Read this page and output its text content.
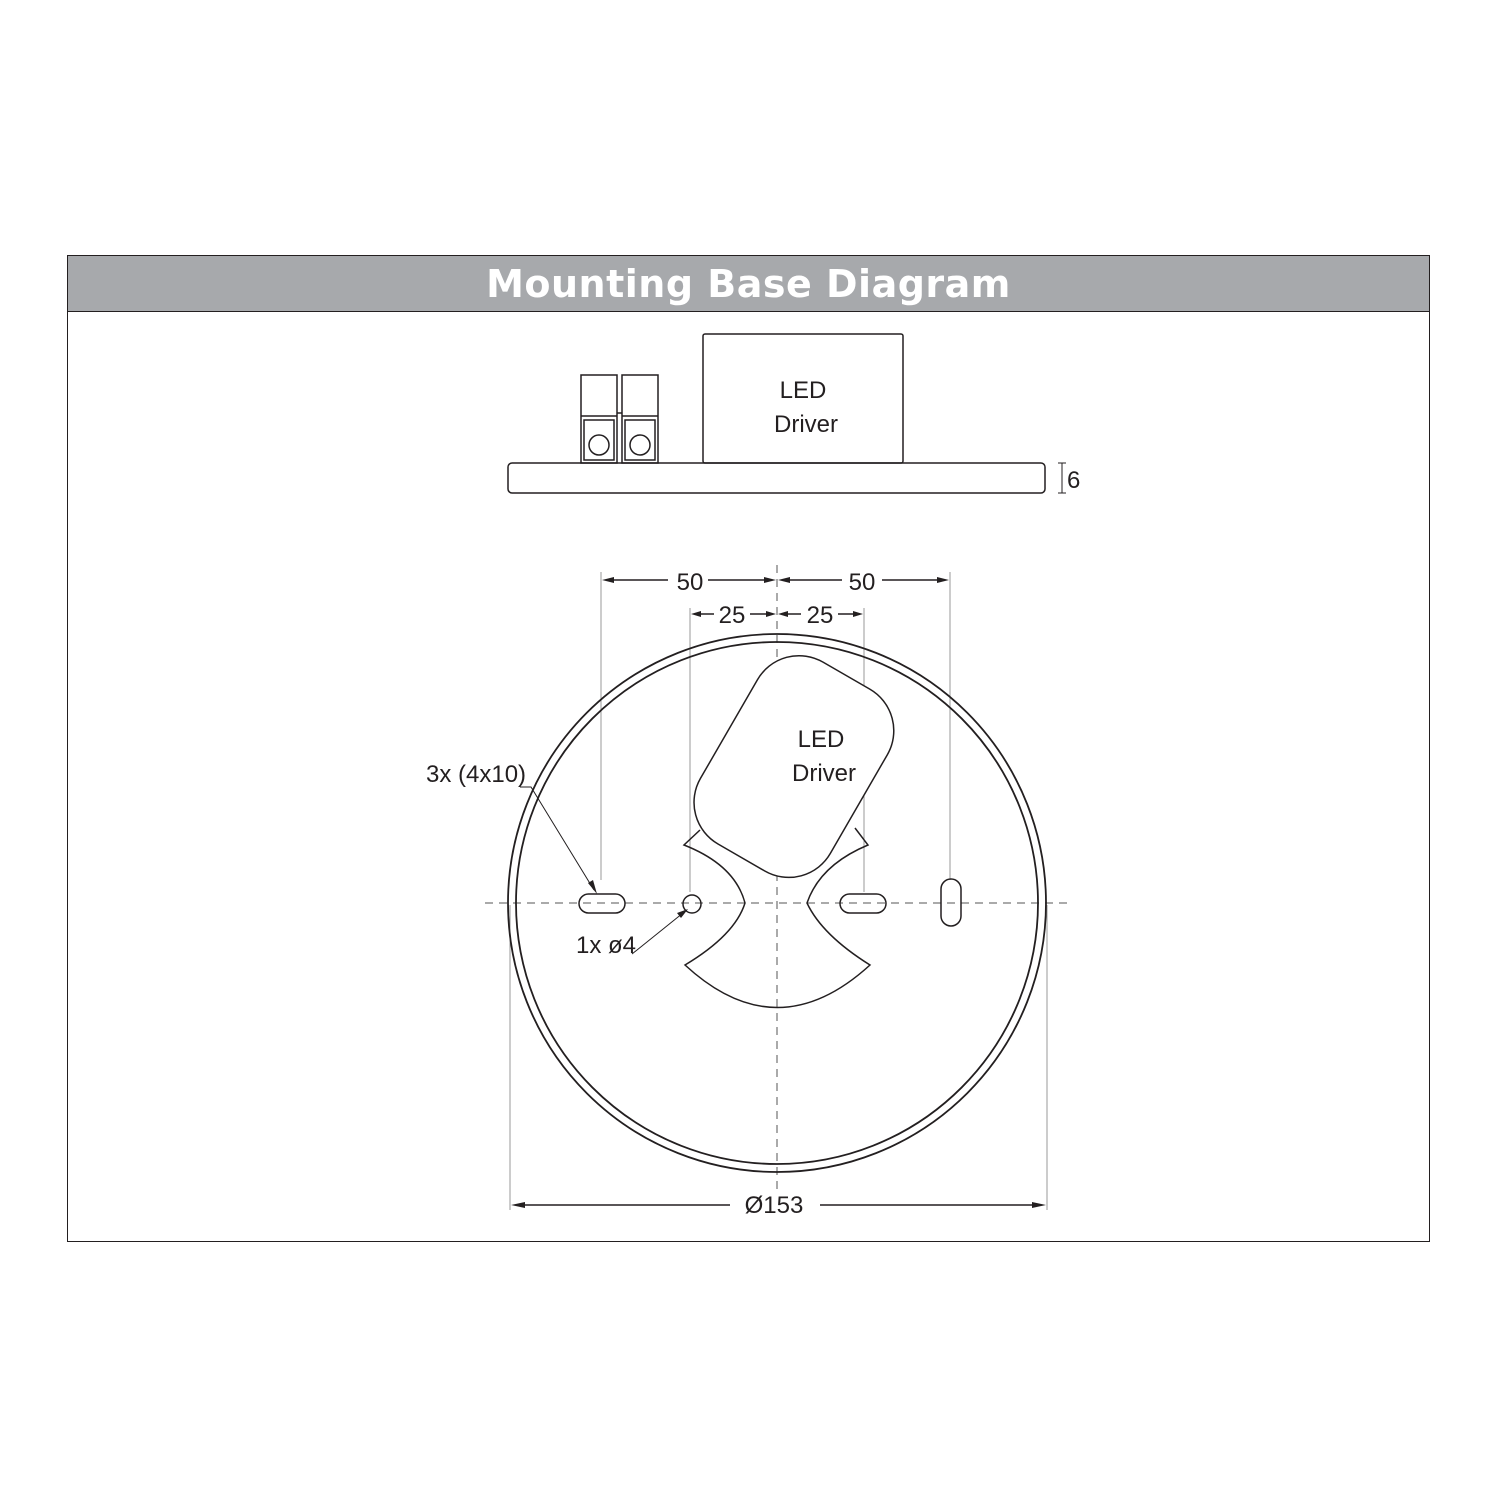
Mounting Base Diagram
LED
Driver
6
LED
Driver
50	50
25	25
3x (4x10)
1x ø4
Ø153
